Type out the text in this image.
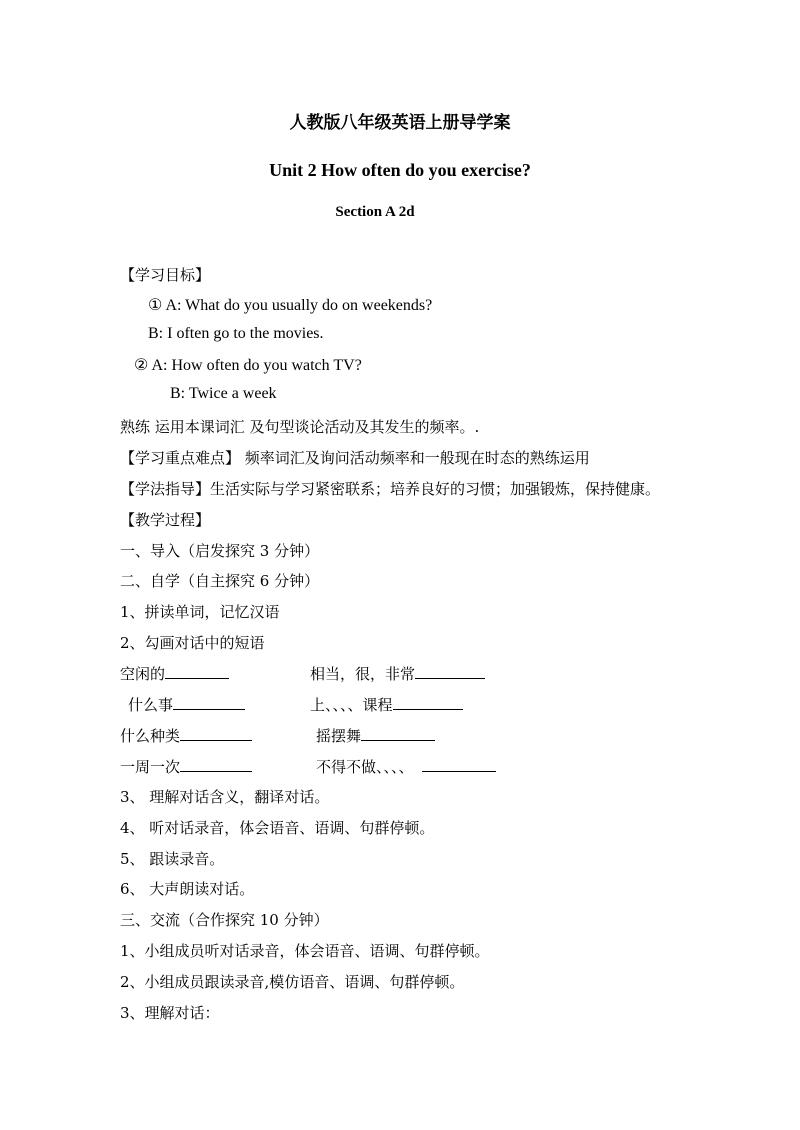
人教版八年级英语上册导学案
Unit 2 How often do you exercise?
Section A 2d
【学习目标】
① A: What do you usually do on weekends?
B: I often go to the movies.
② A: How often do you watch TV?
B: Twice a week
熟练 运用本课词汇 及句型谈论活动及其发生的频率。.
【学习重点难点】 频率词汇及询问活动频率和一般现在时态的熟练运用
【学法指导】生活实际与学习紧密联系；培养良好的习惯；加强锻炼，保持健康。
【教学过程】
一、导入（启发探究 3 分钟）
二、自学（自主探究 6 分钟）
1、拼读单词，记忆汉语
2、勾画对话中的短语
空闲的	相当，很，非常
什么事	上、、、、课程
什么种类	摇摆舞
一周一次	不得不做、、、、
3、 理解对话含义，翻译对话。
4、 听对话录音，体会语音、语调、句群停顿。
5、 跟读录音。
6、 大声朗读对话。
三、交流（合作探究 10 分钟）
1、小组成员听对话录音，体会语音、语调、句群停顿。
2、小组成员跟读录音,模仿语音、语调、句群停顿。
3、理解对话：
